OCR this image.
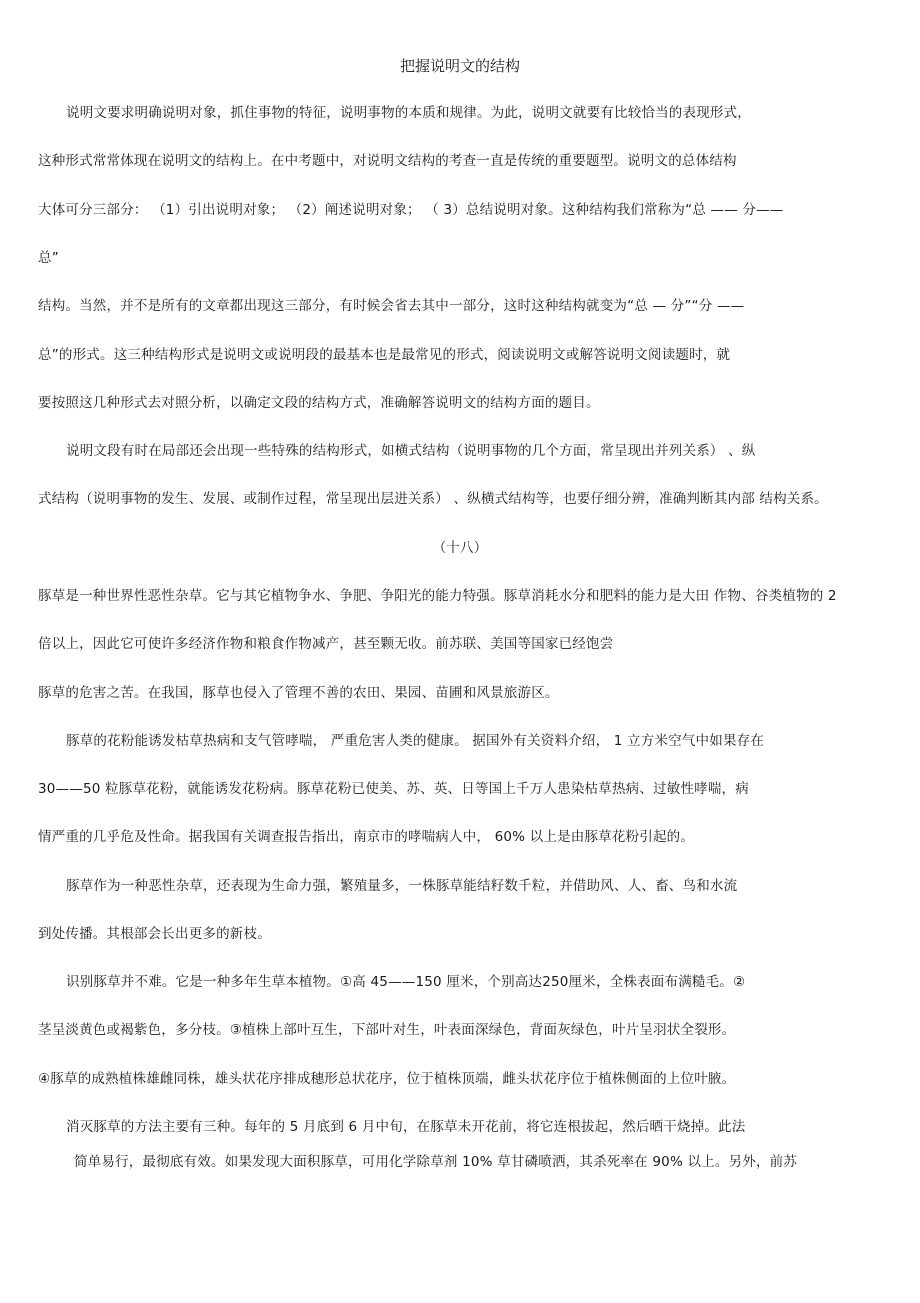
把握说明文的结构
说明文要求明确说明对象，抓住事物的特征，说明事物的本质和规律。为此，说明文就要有比较恰当的表现形式，
这种形式常常体现在说明文的结构上。在中考题中，对说明文结构的考查一直是传统的重要题型。说明文的总体结构
大体可分三部分： （1）引出说明对象； （2）阐述说明对象； （ 3）总结说明对象。这种结构我们常称为“总 —— 分——
总”
结构。当然，并不是所有的文章都出现这三部分，有时候会省去其中一部分，这时这种结构就变为“总 — 分”“分 ——
总”的形式。这三种结构形式是说明文或说明段的最基本也是最常见的形式，阅读说明文或解答说明文阅读题时，就
要按照这几种形式去对照分析，以确定文段的结构方式，准确解答说明文的结构方面的题目。
说明文段有时在局部还会出现一些特殊的结构形式，如横式结构（说明事物的几个方面，常呈现出并列关系） 、纵
式结构（说明事物的发生、发展、或制作过程，常呈现出层进关系） 、纵横式结构等，也要仔细分辨，准确判断其内部 结构关系。
（十八）
豚草是一种世界性恶性杂草。它与其它植物争水、争肥、争阳光的能力特强。豚草消耗水分和肥料的能力是大田 作物、谷类植物的 2
倍以上，因此它可使许多经济作物和粮食作物减产，甚至颗无收。前苏联、美国等国家已经饱尝
豚草的危害之苦。在我国，豚草也侵入了管理不善的农田、果园、苗圃和风景旅游区。
豚草的花粉能诱发枯草热病和支气管哮喘， 严重危害人类的健康。 据国外有关资料介绍， 1 立方米空气中如果存在
30——50 粒豚草花粉，就能诱发花粉病。豚草花粉已使美、苏、英、日等国上千万人患染枯草热病、过敏性哮喘，病
情严重的几乎危及性命。据我国有关调查报告指出，南京市的哮喘病人中， 60% 以上是由豚草花粉引起的。
豚草作为一种恶性杂草，还表现为生命力强，繁殖量多，一株豚草能结籽数千粒，并借助风、人、畜、鸟和水流
到处传播。其根部会长出更多的新枝。
识别豚草并不难。它是一种多年生草本植物。①高 45——150 厘米，个别高达250厘米，全株表面布满糙毛。②
茎呈淡黄色或褐紫色，多分枝。③植株上部叶互生，下部叶对生，叶表面深绿色，背面灰绿色，叶片呈羽状全裂形。
④豚草的成熟植株雄雌同株，雄头状花序排成穗形总状花序，位于植株顶端，雌头状花序位于植株侧面的上位叶腋。
消灭豚草的方法主要有三种。每年的 5 月底到 6 月中旬，在豚草未开花前，将它连根拔起，然后晒干烧掉。此法
简单易行，最彻底有效。如果发现大面积豚草，可用化学除草剂 10% 草甘磷喷洒，其杀死率在 90% 以上。另外，前苏
